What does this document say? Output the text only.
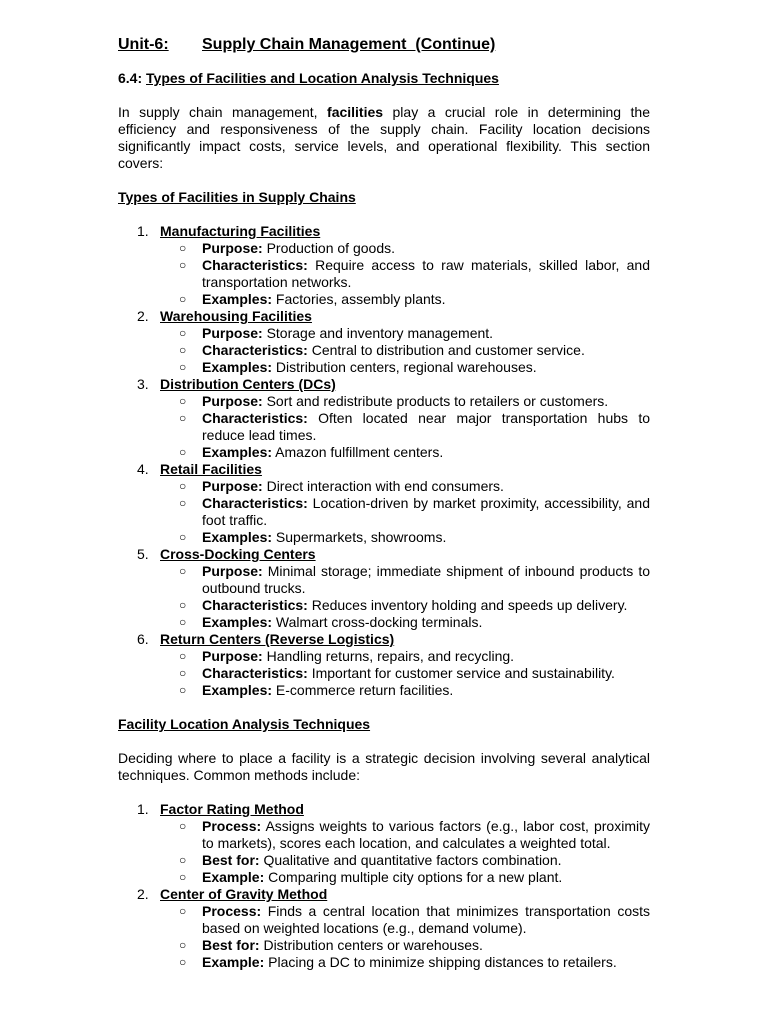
Unit-6: Supply Chain Management  (Continue)
6.4: Types of Facilities and Location Analysis Techniques

In supply chain management, facilities play a crucial role in determining the efficiency and responsiveness of the supply chain. Facility location decisions significantly impact costs, service levels, and operational flexibility. This section covers:

Types of Facilities in Supply Chains
1. Manufacturing Facilities
○ Purpose: Production of goods.
○ Characteristics: Require access to raw materials, skilled labor, and transportation networks.
○ Examples: Factories, assembly plants.
2. Warehousing Facilities
○ Purpose: Storage and inventory management.
○ Characteristics: Central to distribution and customer service.
○ Examples: Distribution centers, regional warehouses.
3. Distribution Centers (DCs)
○ Purpose: Sort and redistribute products to retailers or customers.
○ Characteristics: Often located near major transportation hubs to reduce lead times.
○ Examples: Amazon fulfillment centers.
4. Retail Facilities
○ Purpose: Direct interaction with end consumers.
○ Characteristics: Location-driven by market proximity, accessibility, and foot traffic.
○ Examples: Supermarkets, showrooms.
5. Cross-Docking Centers
○ Purpose: Minimal storage; immediate shipment of inbound products to outbound trucks.
○ Characteristics: Reduces inventory holding and speeds up delivery.
○ Examples: Walmart cross-docking terminals.
6. Return Centers (Reverse Logistics)
○ Purpose: Handling returns, repairs, and recycling.
○ Characteristics: Important for customer service and sustainability.
○ Examples: E-commerce return facilities.
Facility Location Analysis Techniques

Deciding where to place a facility is a strategic decision involving several analytical techniques. Common methods include:

1. Factor Rating Method
○ Process: Assigns weights to various factors (e.g., labor cost, proximity to markets), scores each location, and calculates a weighted total.
○ Best for: Qualitative and quantitative factors combination.
○ Example: Comparing multiple city options for a new plant.
2. Center of Gravity Method
○ Process: Finds a central location that minimizes transportation costs based on weighted locations (e.g., demand volume).
○ Best for: Distribution centers or warehouses.
○ Example: Placing a DC to minimize shipping distances to retailers.
